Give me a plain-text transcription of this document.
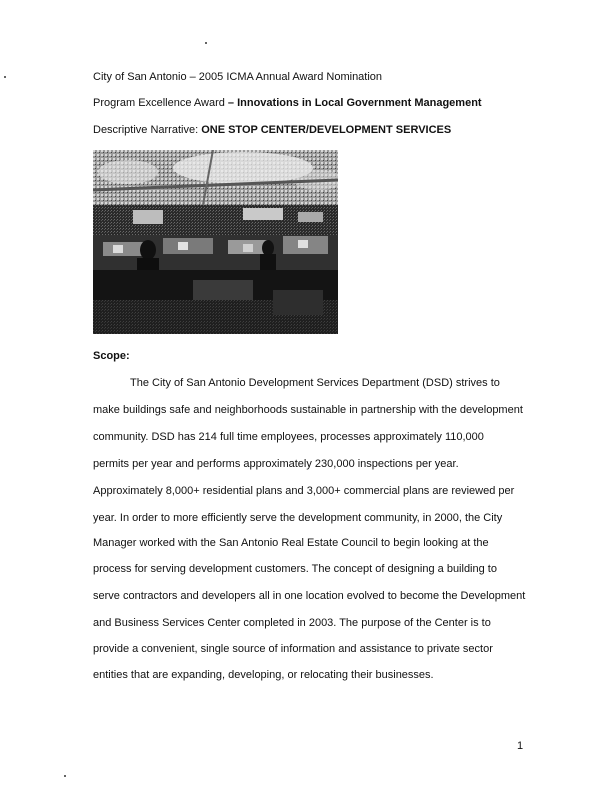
City of San Antonio – 2005 ICMA Annual Award Nomination
Program Excellence Award – Innovations in Local Government Management
Descriptive Narrative: ONE STOP CENTER/DEVELOPMENT SERVICES
Scope:
The City of San Antonio Development Services Department (DSD) strives to
make buildings safe and neighborhoods sustainable in partnership with the development
community. DSD has 214 full time employees, processes approximately 110,000
permits per year and performs approximately 230,000 inspections per year.
Approximately 8,000+ residential plans and 3,000+ commercial plans are reviewed per
year. In order to more efficiently serve the development community, in 2000, the City
Manager worked with the San Antonio Real Estate Council to begin looking at the
process for serving development customers. The concept of designing a building to
serve contractors and developers all in one location evolved to become the Development
and Business Services Center completed in 2003. The purpose of the Center is to
provide a convenient, single source of information and assistance to private sector
entities that are expanding, developing, or relocating their businesses.
1
